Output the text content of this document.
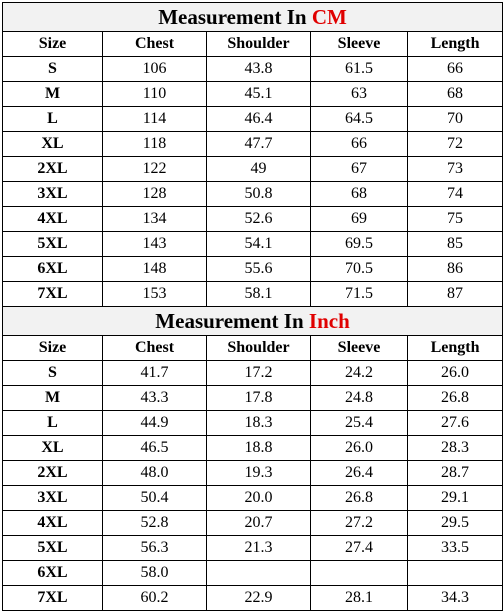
Measurement In CM				
Size	Chest	Shoulder	Sleeve	Length
S	106	43.8	61.5	66
M	110	45.1	63	68
L	114	46.4	64.5	70
XL	118	47.7	66	72
2XL	122	49	67	73
3XL	128	50.8	68	74
4XL	134	52.6	69	75
5XL	143	54.1	69.5	85
6XL	148	55.6	70.5	86
7XL	153	58.1	71.5	87
Measurement In Inch				
Size	Chest	Shoulder	Sleeve	Length
S	41.7	17.2	24.2	26.0
M	43.3	17.8	24.8	26.8
L	44.9	18.3	25.4	27.6
XL	46.5	18.8	26.0	28.3
2XL	48.0	19.3	26.4	28.7
3XL	50.4	20.0	26.8	29.1
4XL	52.8	20.7	27.2	29.5
5XL	56.3	21.3	27.4	33.5
6XL	58.0			
7XL	60.2	22.9	28.1	34.3
